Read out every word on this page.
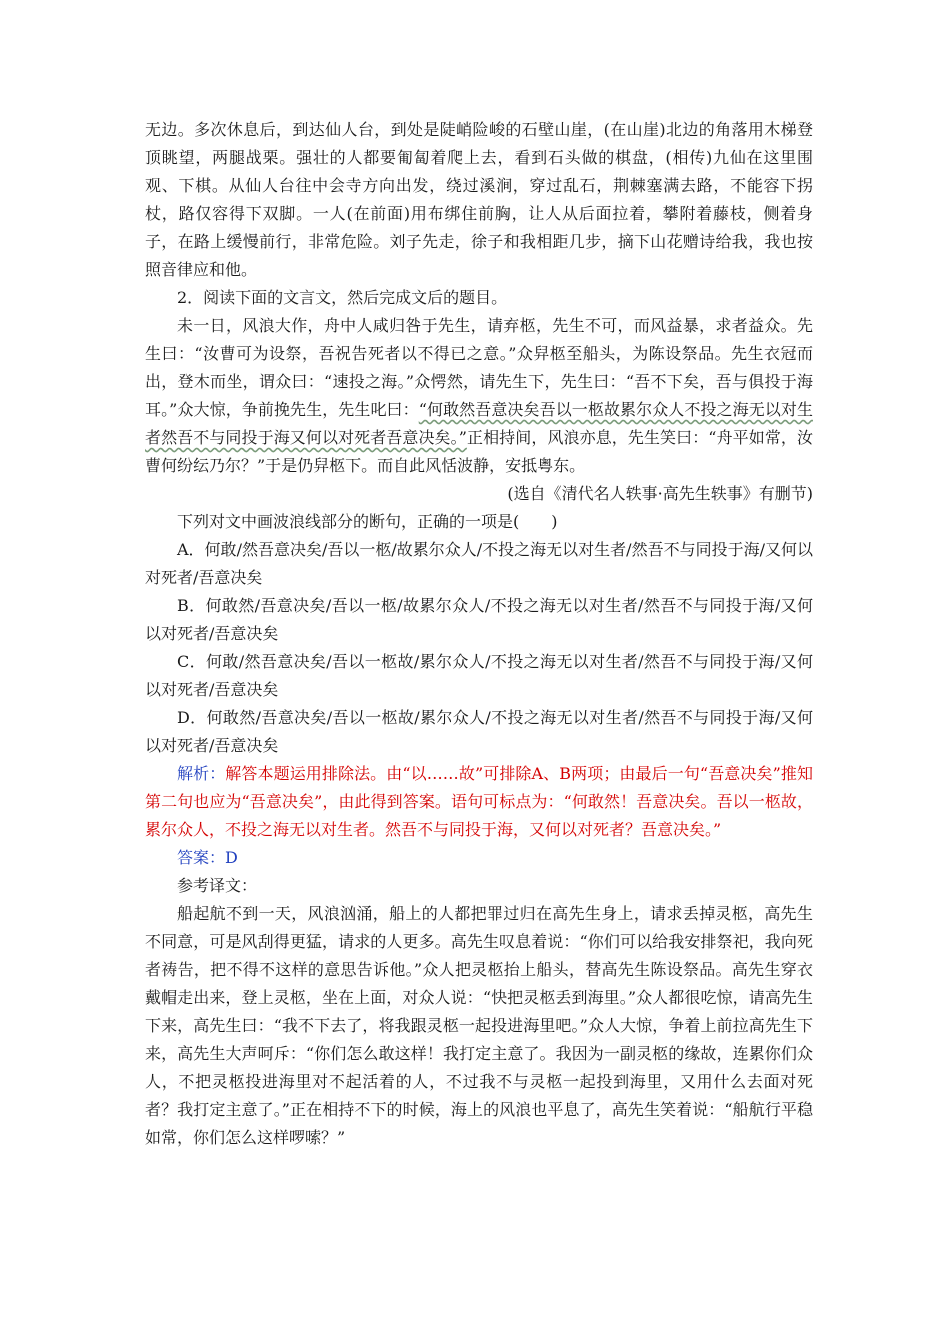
无边。多次休息后，到达仙人台，到处是陡峭险峻的石壁山崖，(在山崖)北边的角落用木梯登顶眺望，两腿战栗。强壮的人都要匍匐着爬上去，看到石头做的棋盘，(相传)九仙在这里围观、下棋。从仙人台往中会寺方向出发，绕过溪涧，穿过乱石，荆棘塞满去路，不能容下拐杖，路仅容得下双脚。一人(在前面)用布绑住前胸，让人从后面拉着，攀附着藤枝，侧着身子，在路上缓慢前行，非常危险。刘子先走，徐子和我相距几步，摘下山花赠诗给我，我也按照音律应和他。

2．阅读下面的文言文，然后完成文后的题目。

未一日，风浪大作，舟中人咸归咎于先生，请弃柩，先生不可，而风益暴，求者益众。先生曰：“汝曹可为设祭，吾祝告死者以不得已之意。”众舁柩至船头，为陈设祭品。先生衣冠而出，登木而坐，谓众曰：“速投之海。”众愕然，请先生下，先生曰：“吾不下矣，吾与俱投于海耳。”众大惊，争前挽先生，先生叱曰：“何敢然吾意决矣吾以一柩故累尔众人不投之海无以对生者然吾不与同投于海又何以对死者吾意决矣。”正相持间，风浪亦息，先生笑曰：“舟平如常，汝曹何纷纭乃尔？”于是仍舁柩下。而自此风恬波静，安抵粤东。

(选自《清代名人轶事·高先生轶事》有删节)

下列对文中画波浪线部分的断句，正确的一项是(　　)

A．何敢/然吾意决矣/吾以一柩/故累尔众人/不投之海无以对生者/然吾不与同投于海/又何以对死者/吾意决矣

B．何敢然/吾意决矣/吾以一柩/故累尔众人/不投之海无以对生者/然吾不与同投于海/又何以对死者/吾意决矣

C．何敢/然吾意决矣/吾以一柩故/累尔众人/不投之海无以对生者/然吾不与同投于海/又何以对死者/吾意决矣

D．何敢然/吾意决矣/吾以一柩故/累尔众人/不投之海无以对生者/然吾不与同投于海/又何以对死者/吾意决矣

解析：解答本题运用排除法。由“以……故”可排除A、B两项；由最后一句“吾意决矣”推知第二句也应为“吾意决矣”，由此得到答案。语句可标点为：“何敢然！吾意决矣。吾以一柩故，累尔众人，不投之海无以对生者。然吾不与同投于海，又何以对死者？吾意决矣。”

答案：D

参考译文：

船起航不到一天，风浪汹涌，船上的人都把罪过归在高先生身上，请求丢掉灵柩，高先生不同意，可是风刮得更猛，请求的人更多。高先生叹息着说：“你们可以给我安排祭祀，我向死者祷告，把不得不这样的意思告诉他。”众人把灵柩抬上船头，替高先生陈设祭品。高先生穿衣戴帽走出来，登上灵柩，坐在上面，对众人说：“快把灵柩丢到海里。”众人都很吃惊，请高先生下来，高先生曰：“我不下去了，将我跟灵柩一起投进海里吧。”众人大惊，争着上前拉高先生下来，高先生大声呵斥：“你们怎么敢这样！我打定主意了。我因为一副灵柩的缘故，连累你们众人，不把灵柩投进海里对不起活着的人，不过我不与灵柩一起投到海里，又用什么去面对死者？我打定主意了。”正在相持不下的时候，海上的风浪也平息了，高先生笑着说：“船航行平稳如常，你们怎么这样啰嗦？”
